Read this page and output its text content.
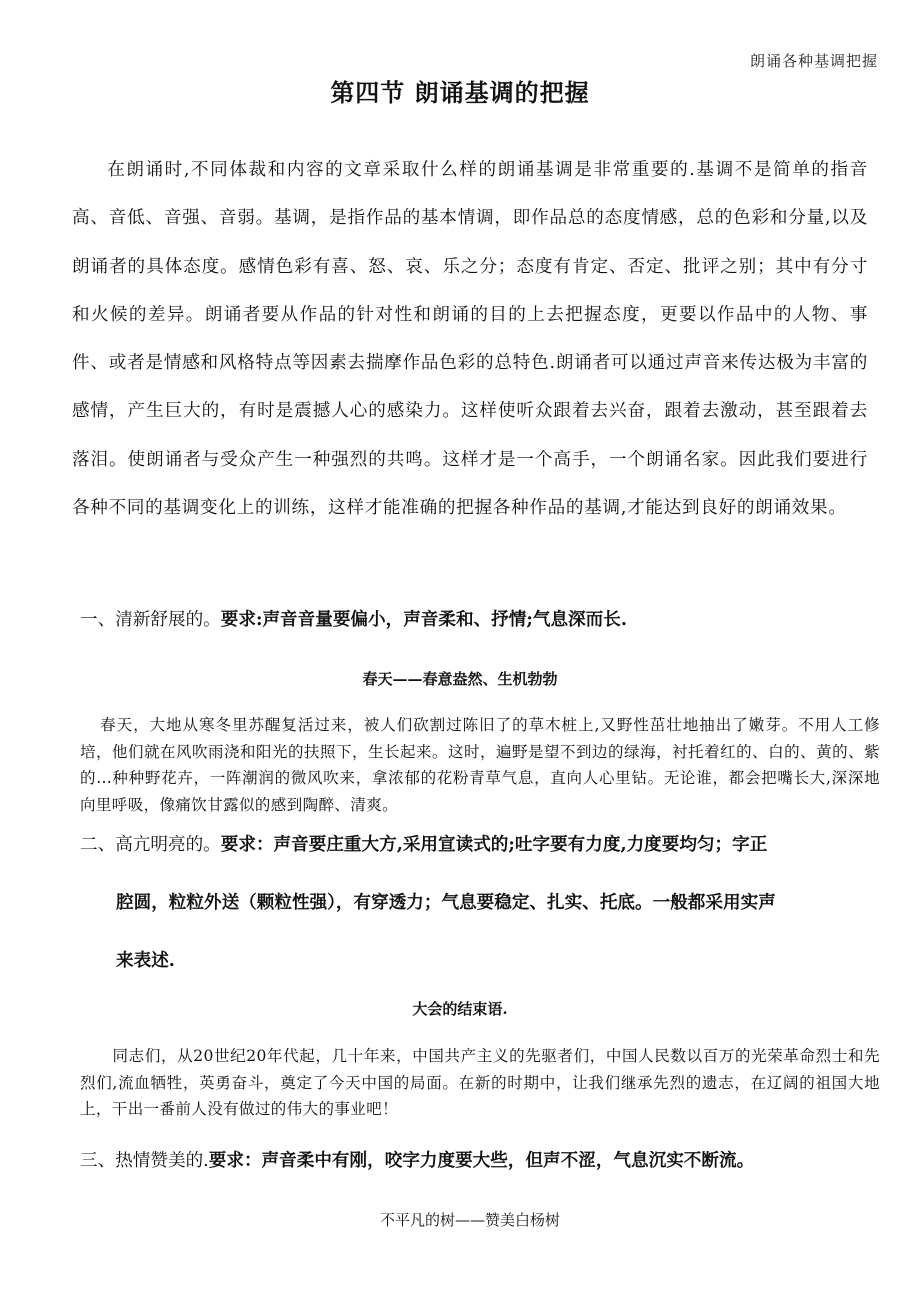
朗诵各种基调把握
第四节 朗诵基调的把握

在朗诵时,不同体裁和内容的文章采取什么样的朗诵基调是非常重要的.基调不是简单的指音高、音低、音强、音弱。基调，是指作品的基本情调，即作品总的态度情感，总的色彩和分量,以及朗诵者的具体态度。感情色彩有喜、怒、哀、乐之分；态度有肯定、否定、批评之别；其中有分寸和火候的差异。朗诵者要从作品的针对性和朗诵的目的上去把握态度，更要以作品中的人物、事件、或者是情感和风格特点等因素去揣摩作品色彩的总特色.朗诵者可以通过声音来传达极为丰富的感情，产生巨大的，有时是震撼人心的感染力。这样使听众跟着去兴奋，跟着去激动，甚至跟着去落泪。使朗诵者与受众产生一种强烈的共鸣。这样才是一个高手，一个朗诵名家。因此我们要进行各种不同的基调变化上的训练，这样才能准确的把握各种作品的基调,才能达到良好的朗诵效果。

一、清新舒展的。要求:声音音量要偏小，声音柔和、抒情;气息深而长.
春天——春意盎然、生机勃勃

春天，大地从寒冬里苏醒复活过来，被人们砍割过陈旧了的草木桩上,又野性茁壮地抽出了嫩芽。不用人工修培，他们就在风吹雨浇和阳光的扶照下，生长起来。这时，遍野是望不到边的绿海，衬托着红的、白的、黄的、紫的…种种野花卉，一阵潮润的微风吹来，拿浓郁的花粉青草气息，直向人心里钻。无论谁，都会把嘴长大,深深地向里呼吸，像痛饮甘露似的感到陶醉、清爽。

二、高亢明亮的。要求：声音要庄重大方,采用宣读式的;吐字要有力度,力度要均匀；字正
腔圆，粒粒外送（颗粒性强），有穿透力；气息要稳定、扎实、托底。一般都采用实声
来表述.
大会的结束语.

同志们，从20世纪20年代起，几十年来，中国共产主义的先驱者们，中国人民数以百万的光荣革命烈士和先烈们,流血牺牲，英勇奋斗，奠定了今天中国的局面。在新的时期中，让我们继承先烈的遗志，在辽阔的祖国大地上，干出一番前人没有做过的伟大的事业吧！

三、热情赞美的.要求：声音柔中有刚，咬字力度要大些，但声不涩，气息沉实不断流。
不平凡的树——赞美白杨树
